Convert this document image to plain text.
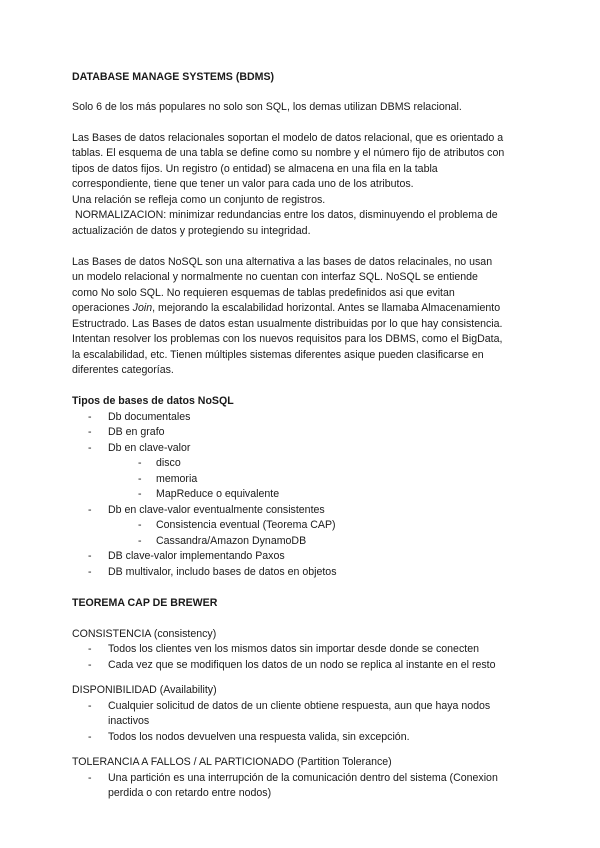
DATABASE MANAGE SYSTEMS (BDMS)

Solo 6 de los más populares no solo son SQL, los demas utilizan DBMS relacional.

Las Bases de datos relacionales soportan el modelo de datos relacional, que es orientado a

tablas. El esquema de una tabla se define como su nombre y el número fijo de atributos con

tipos de datos fijos. Un registro (o entidad) se almacena en una fila en la tabla

correspondiente, tiene que tener un valor para cada uno de los atributos.

Una relación se refleja como un conjunto de registros.

NORMALIZACION: minimizar redundancias entre los datos, disminuyendo el problema de

actualización de datos y protegiendo su integridad.

Las Bases de datos NoSQL son una alternativa a las bases de datos relacinales, no usan

un modelo relacional y normalmente no cuentan con interfaz SQL. NoSQL se entiende

como No solo SQL. No requieren esquemas de tablas predefinidos asi que evitan

operaciones Join, mejorando la escalabilidad horizontal. Antes se llamaba Almacenamiento

Estructrado. Las Bases de datos estan usualmente distribuidas por lo que hay consistencia.

Intentan resolver los problemas con los nuevos requisitos para los DBMS, como el BigData,

la escalabilidad, etc. Tienen múltiples sistemas diferentes asique pueden clasificarse en

diferentes categorías.

Tipos de bases de datos NoSQL

- Db documentales
- DB en grafo
- Db en clave-valor
- disco
- memoria
- MapReduce o equivalente
- Db en clave-valor eventualmente consistentes
- Consistencia eventual (Teorema CAP)
- Cassandra/Amazon DynamoDB
- DB clave-valor implementando Paxos
- DB multivalor, includo bases de datos en objetos

TEOREMA CAP DE BREWER

CONSISTENCIA (consistency)

- Todos los clientes ven los mismos datos sin importar desde donde se conecten
- Cada vez que se modifiquen los datos de un nodo se replica al instante en el resto

DISPONIBILIDAD (Availability)

- Cualquier solicitud de datos de un cliente obtiene respuesta, aun que haya nodos inactivos
- Todos los nodos devuelven una respuesta valida, sin excepción.

TOLERANCIA A FALLOS / AL PARTICIONADO (Partition Tolerance)

- Una partición es una interrupción de la comunicación dentro del sistema (Conexion perdida o con retardo entre nodos)
